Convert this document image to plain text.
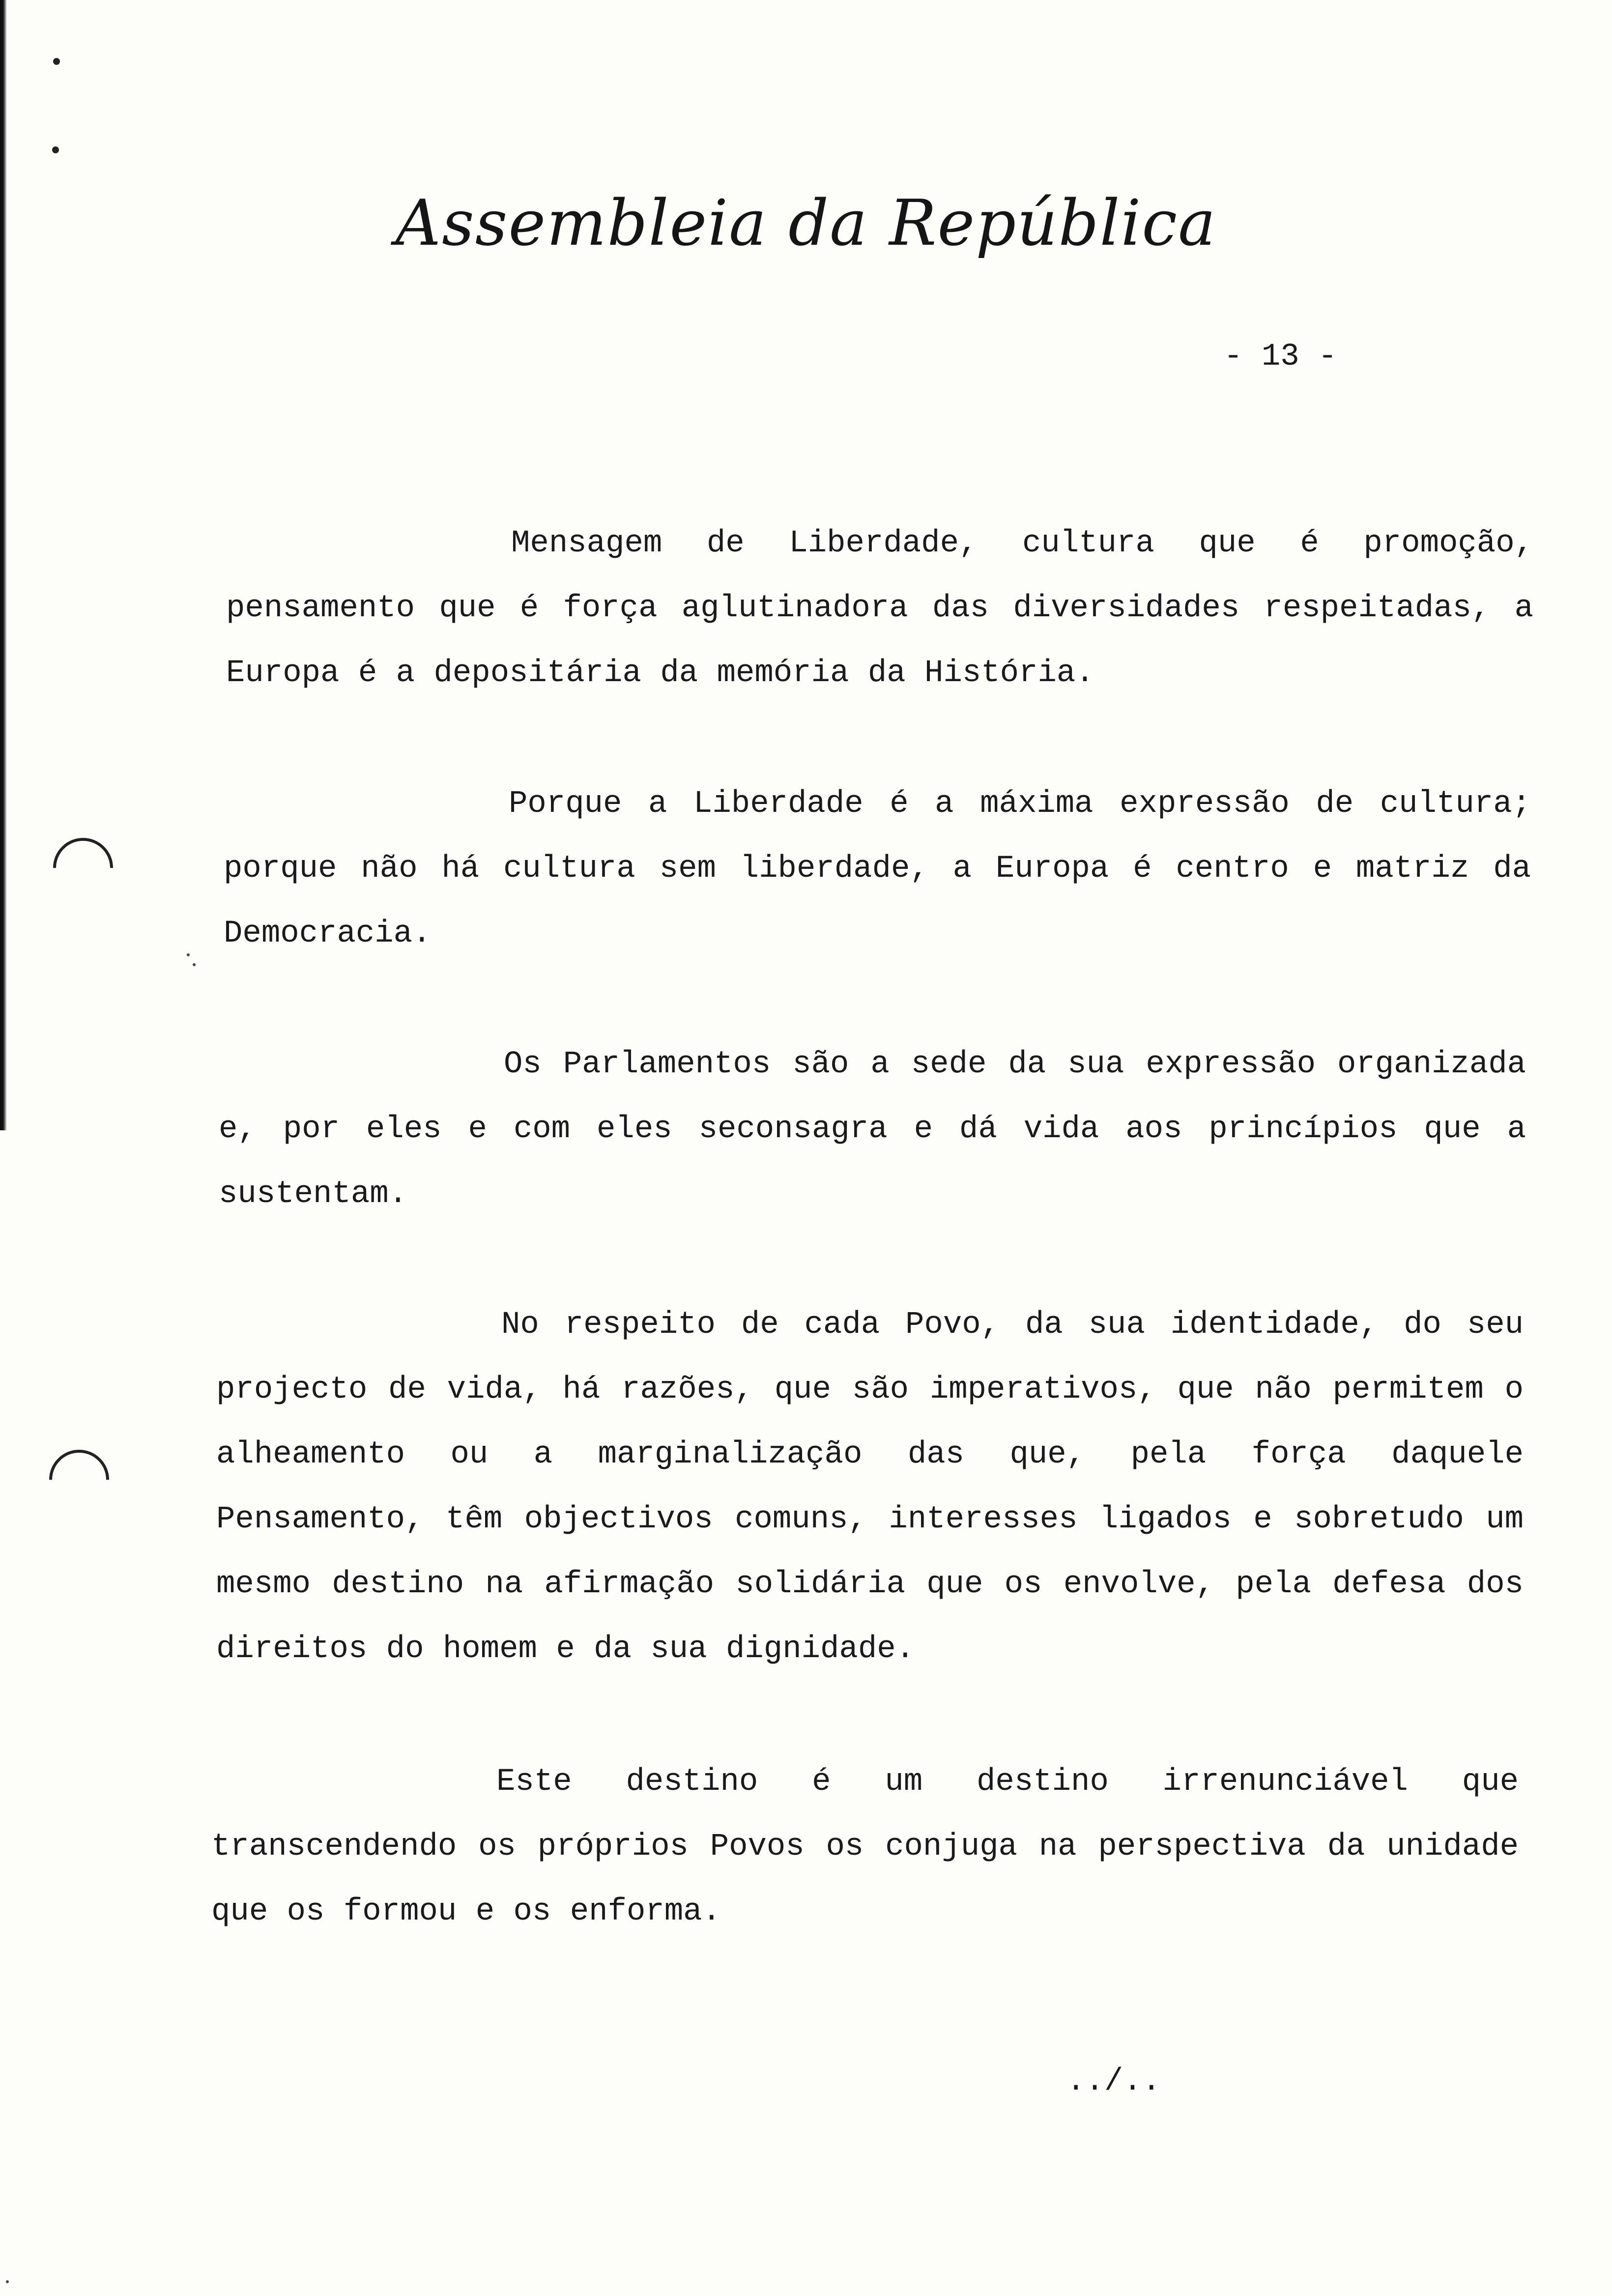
Assembleia da República
- 13 -

Mensagem de Liberdade, cultura que é promoção, pensamento que é força aglutinadora das diversidades respeitadas, a Europa é a depositária da memória da História.

Porque a Liberdade é a máxima expressão de cultura; porque não há cultura sem liberdade, a Europa é centro e matriz da Democracia.

Os Parlamentos são a sede da sua expressão organizada e, por eles e com eles seconsagra e dá vida aos princípios que a sustentam.

No respeito de cada Povo, da sua identidade, do seu projecto de vida, há razões, que são imperativos, que não permitem o alheamento ou a marginalização das que, pela força daquele Pensamento, têm objectivos comuns, interesses ligados e sobretudo um mesmo destino na afirmação solidária que os envolve, pela defesa dos direitos do homem e da sua dignidade.

Este destino é um destino irrenunciável que transcendendo os próprios Povos os conjuga na perspectiva da unidade que os formou e os enforma.

../..
